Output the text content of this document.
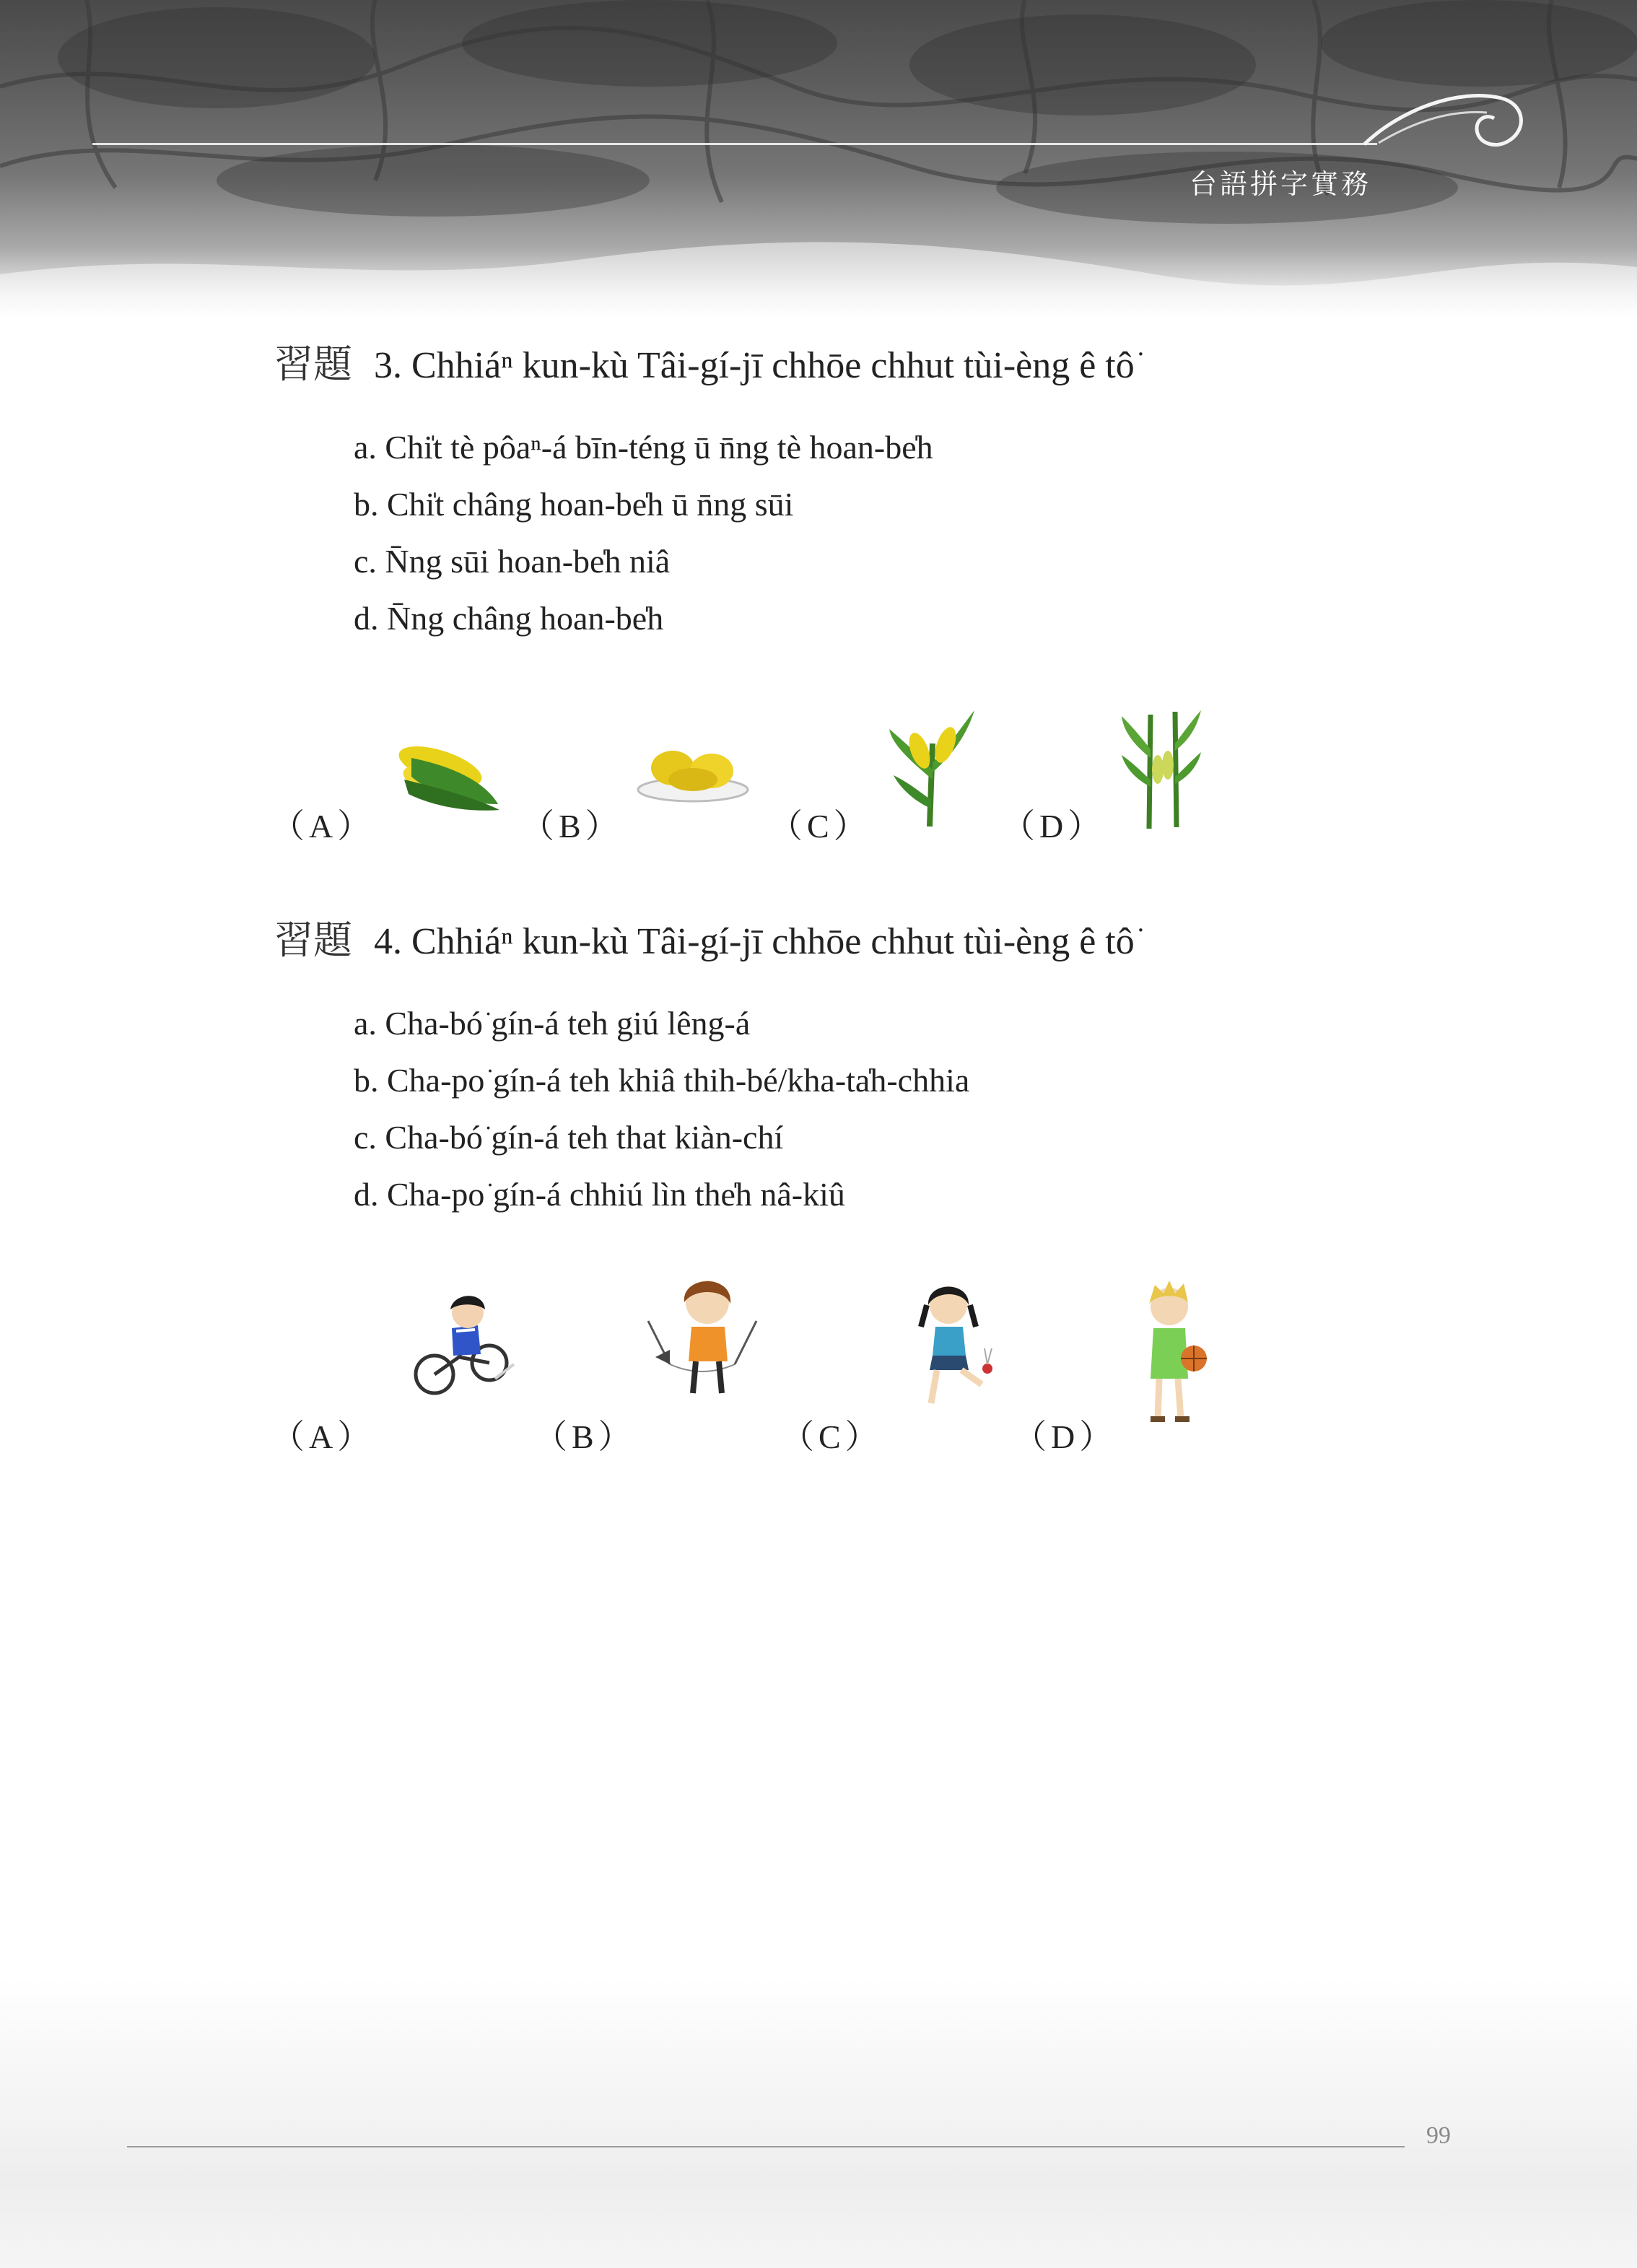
台語拼字實務
習題 3. Chhiáⁿ kun-kù Tâi-gí-jī chhōe chhut tùi-èng ê tô͘
a. Chi̍t tè pôaⁿ-á bīn-téng ū n̄ng tè hoan-be̍h
b. Chi̍t châng hoan-be̍h ū n̄ng sūi
c. N̄ng sūi hoan-be̍h niâ
d. N̄ng châng hoan-be̍h
（A）	（B）	（C）	（D）
習題 4. Chhiáⁿ kun-kù Tâi-gí-jī chhōe chhut tùi-èng ê tô͘
a. Cha-bó͘ gín-á teh giú lêng-á
b. Cha-po͘ gín-á teh khiâ thih-bé/kha-ta̍h-chhia
c. Cha-bó͘ gín-á teh that kiàn-chí
d. Cha-po͘ gín-á chhiú lìn the̍h nâ-kiû
（A）	（B）	（C）	（D）
99
